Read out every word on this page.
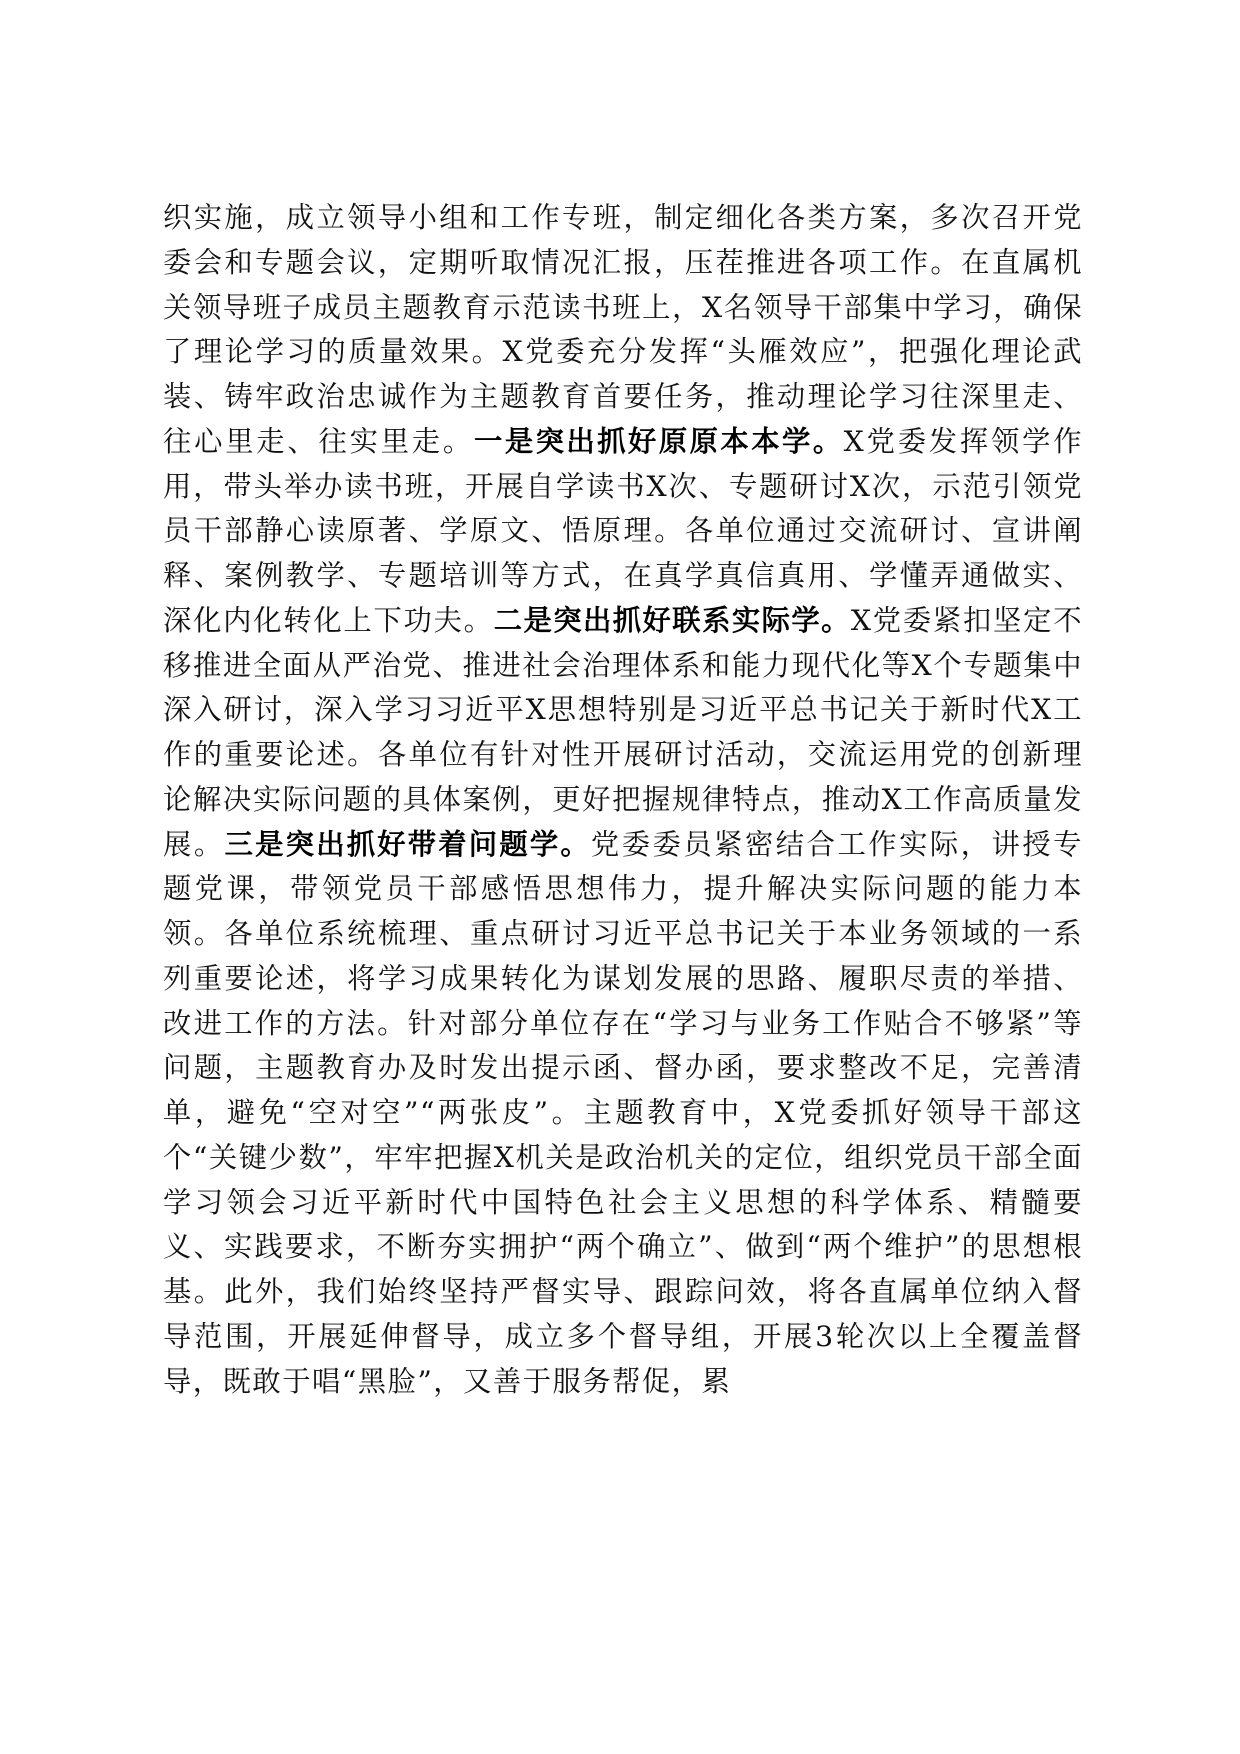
织实施，成立领导小组和工作专班，制定细化各类方案，多次召开党委会和专题会议，定期听取情况汇报，压茬推进各项工作。在直属机关领导班子成员主题教育示范读书班上，X名领导干部集中学习，确保了理论学习的质量效果。X党委充分发挥“头雁效应”，把强化理论武装、铸牢政治忠诚作为主题教育首要任务，推动理论学习往深里走、往心里走、往实里走。一是突出抓好原原本本学。X党委发挥领学作用，带头举办读书班，开展自学读书X次、专题研讨X次，示范引领党员干部静心读原著、学原文、悟原理。各单位通过交流研讨、宣讲阐释、案例教学、专题培训等方式，在真学真信真用、学懂弄通做实、深化内化转化上下功夫。二是突出抓好联系实际学。X党委紧扣坚定不移推进全面从严治党、推进社会治理体系和能力现代化等X个专题集中深入研讨，深入学习习近平X思想特别是习近平总书记关于新时代X工作的重要论述。各单位有针对性开展研讨活动，交流运用党的创新理论解决实际问题的具体案例，更好把握规律特点，推动X工作高质量发展。三是突出抓好带着问题学。党委委员紧密结合工作实际，讲授专题党课，带领党员干部感悟思想伟力，提升解决实际问题的能力本领。各单位系统梳理、重点研讨习近平总书记关于本业务领域的一系列重要论述，将学习成果转化为谋划发展的思路、履职尽责的举措、改进工作的方法。针对部分单位存在“学习与业务工作贴合不够紧”等问题，主题教育办及时发出提示函、督办函，要求整改不足，完善清单，避免“空对空”“两张皮”。主题教育中，X党委抓好领导干部这个“关键少数”，牢牢把握X机关是政治机关的定位，组织党员干部全面学习领会习近平新时代中国特色社会主义思想的科学体系、精髓要义、实践要求，不断夯实拥护“两个确立”、做到“两个维护”的思想根基。此外，我们始终坚持严督实导、跟踪问效，将各直属单位纳入督导范围，开展延伸督导，成立多个督导组，开展3轮次以上全覆盖督导，既敢于唱“黑脸”，又善于服务帮促，累
